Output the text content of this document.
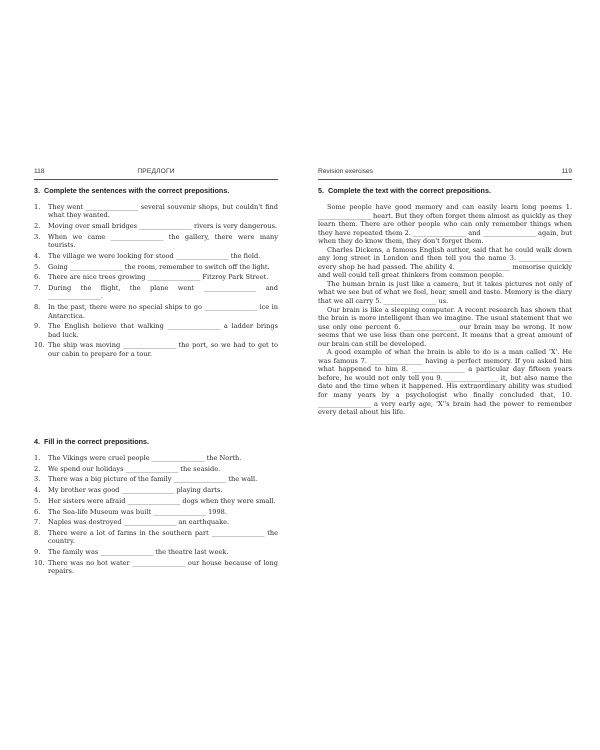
118	ПРЕДЛОГИ
3. Complete the sentences with the correct prepositions.
1. They went ________________ several souvenir shops, but couldn't find what they wanted.
2. Moving over small bridges ________________ rivers is very dangerous.
3. When we came ________________ the gallery, there were many tourists.
4. The village we were looking for stood ________________ the field.
5. Going ________________ the room, remember to switch off the light.
6. There are nice trees growing ________________ Fitzroy Park Street.
7. During the flight, the plane went ________________ and ________________.
8. In the past, there were no special ships to go ________________ ice in Antarctica.
9. The English believe that walking ________________ a ladder brings bad luck.
10. The ship was moving ________________ the port, so we had to get to our cabin to prepare for a tour.
4. Fill in the correct prepositions.
1. The Vikings were cruel people ________________ the North.
2. We spend our holidays ________________ the seaside.
3. There was a big picture of the family ________________ the wall.
4. My brother was good ________________ playing darts.
5. Her sisters were afraid ________________ dogs when they were small.
6. The Sea-life Museum was built ________________ 1998.
7. Naples was destroyed ________________ an earthquake.
8. There were a lot of farms in the southern part ________________ the country.
9. The family was ________________ the theatre last week.
10. There was no hot water ________________ our house because of long repairs.
Revision exercises	119
5. Complete the text with the correct prepositions.

Some people have good memory and can easily learn long poems 1. ________________ heart. But they often forget them almost as quickly as they learn them. There are other people who can only remember things when they have repeated them 2. ________________ and ________________ again, but when they do know them, they don't forget them.

Charles Dickens, a famous English author, said that he could walk down any long street in London and then tell you the name 3. ________________ every shop he had passed. The ability 4. ________________ memorise quickly and well could tell great thinkers from common people.

The human brain is just like a camera, but it takes pictures not only of what we see but of what we feel, hear, smell and taste. Memory is the diary that we all carry 5. ________________ us.

Our brain is like a sleeping computer. A recent research has shown that the brain is more intelligent than we imagine. The usual statement that we use only one percent 6. ________________ our brain may be wrong. It now seems that we use less than one percent. It means that a great amount of our brain can still be developed.

A good example of what the brain is able to do is a man called 'X'. He was famous 7. ________________ having a perfect memory. If you asked him what happened to him 8. ________________ a particular day fifteen years before, he would not only tell you 9. ________________ it, but also name the date and the time when it happened. His extraordinary ability was studied for many years by a psychologist who finally concluded that, 10. ________________ a very early age, 'X''s brain had the power to remember every detail about his life.
